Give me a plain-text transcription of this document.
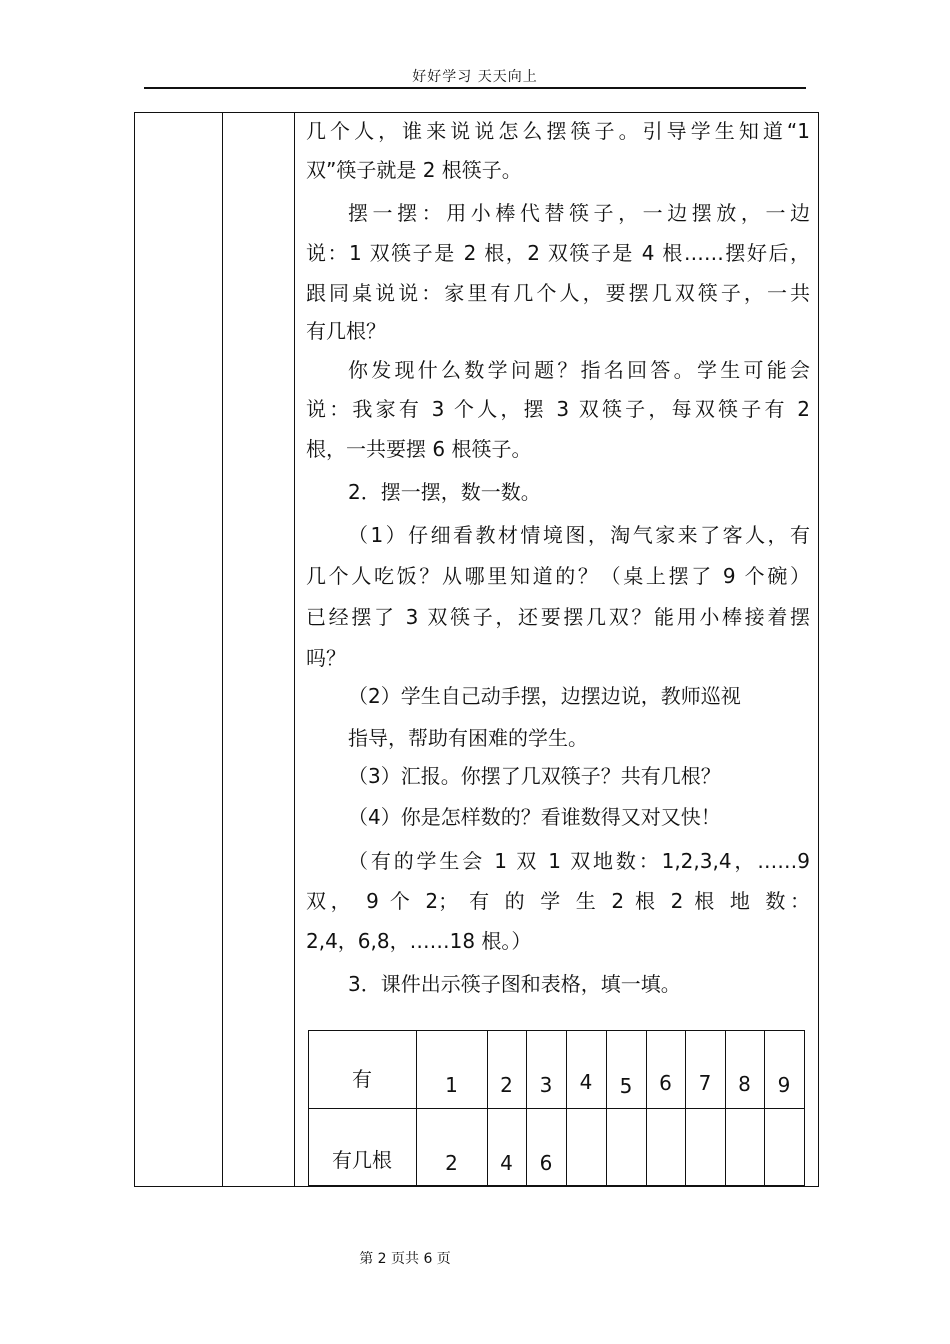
好好学习 天天向上
几个人，谁来说说怎么摆筷子。引导学生知道“1
双”筷子就是 2 根筷子。
摆一摆：用小棒代替筷子，一边摆放，一边
说：1 双筷子是 2 根，2 双筷子是 4 根……摆好后，
跟同桌说说：家里有几个人，要摆几双筷子，一共
有几根？
你发现什么数学问题？指名回答。学生可能会
说：我家有 3 个人，摆 3 双筷子，每双筷子有 2
根，一共要摆 6 根筷子。
2．摆一摆，数一数。
（1）仔细看教材情境图，淘气家来了客人，有
几个人吃饭？从哪里知道的？（桌上摆了 9 个碗）
已经摆了 3 双筷子，还要摆几双？能用小棒接着摆
吗？
（2）学生自己动手摆，边摆边说，教师巡视
指导，帮助有困难的学生。
（3）汇报。你摆了几双筷子？共有几根？
（4）你是怎样数的？看谁数得又对又快！
（有的学生会 1 双 1 双地数：1,2,3,4，……9
双， 9 个 2； 有 的 学 生 2 根 2 根 地 数：
2,4，6,8，……18 根。）
3．课件出示筷子图和表格，填一填。
有	1	2	3	4	5	6	7	8	9
有几根	2	4	6
第 2 页共 6 页
